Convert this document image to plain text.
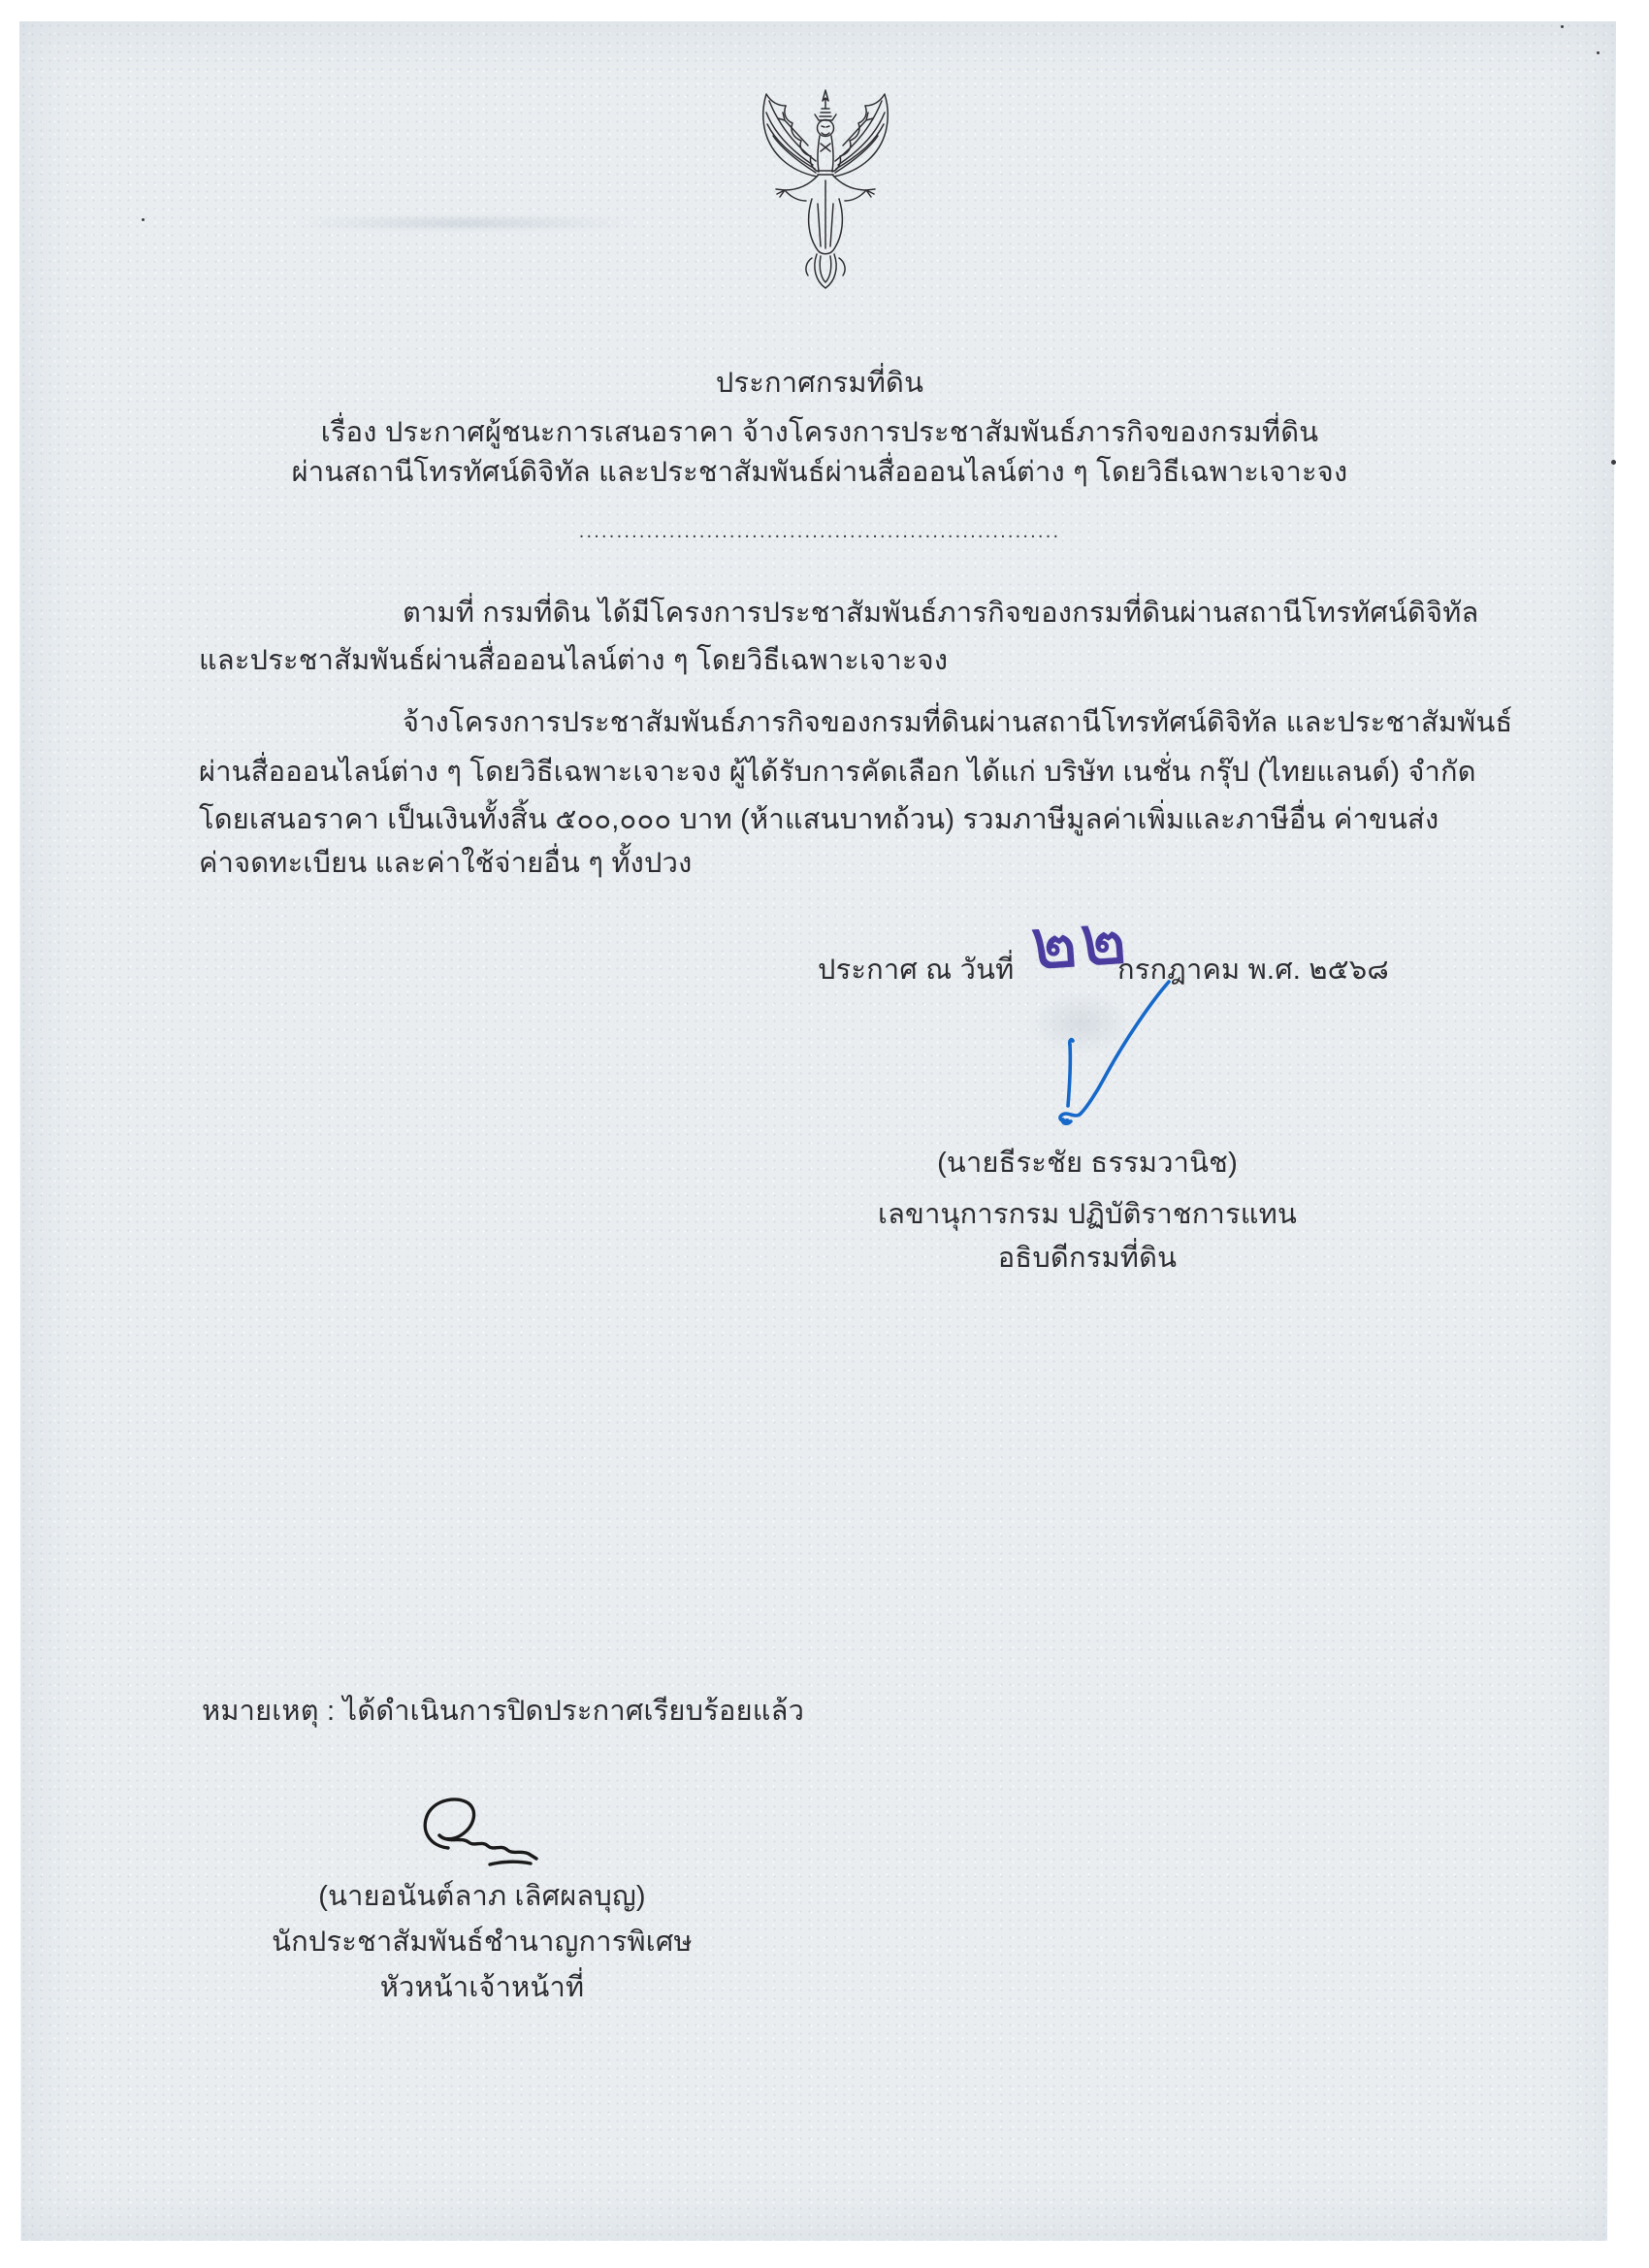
ประกาศกรมที่ดิน
เรื่อง ประกาศผู้ชนะการเสนอราคา จ้างโครงการประชาสัมพันธ์ภารกิจของกรมที่ดิน
ผ่านสถานีโทรทัศน์ดิจิทัล และประชาสัมพันธ์ผ่านสื่อออนไลน์ต่าง ๆ โดยวิธีเฉพาะเจาะจง
................................................................
ตามที่ กรมที่ดิน ได้มีโครงการประชาสัมพันธ์ภารกิจของกรมที่ดินผ่านสถานีโทรทัศน์ดิจิทัล
และประชาสัมพันธ์ผ่านสื่อออนไลน์ต่าง ๆ โดยวิธีเฉพาะเจาะจง
จ้างโครงการประชาสัมพันธ์ภารกิจของกรมที่ดินผ่านสถานีโทรทัศน์ดิจิทัล และประชาสัมพันธ์
ผ่านสื่อออนไลน์ต่าง ๆ โดยวิธีเฉพาะเจาะจง ผู้ได้รับการคัดเลือก ได้แก่ บริษัท เนชั่น กรุ๊ป (ไทยแลนด์) จำกัด
โดยเสนอราคา เป็นเงินทั้งสิ้น ๕๐๐,๐๐๐ บาท (ห้าแสนบาทถ้วน) รวมภาษีมูลค่าเพิ่มและภาษีอื่น ค่าขนส่ง
ค่าจดทะเบียน และค่าใช้จ่ายอื่น ๆ ทั้งปวง
ประกาศ ณ วันที่ ๒๒
กรกฎาคม พ.ศ. ๒๕๖๘
(นายธีระชัย ธรรมวานิช)
เลขานุการกรม ปฏิบัติราชการแทน
อธิบดีกรมที่ดิน
หมายเหตุ : ได้ดำเนินการปิดประกาศเรียบร้อยแล้ว
(นายอนันต์ลาภ เลิศผลบุญ)
นักประชาสัมพันธ์ชำนาญการพิเศษ
หัวหน้าเจ้าหน้าที่
